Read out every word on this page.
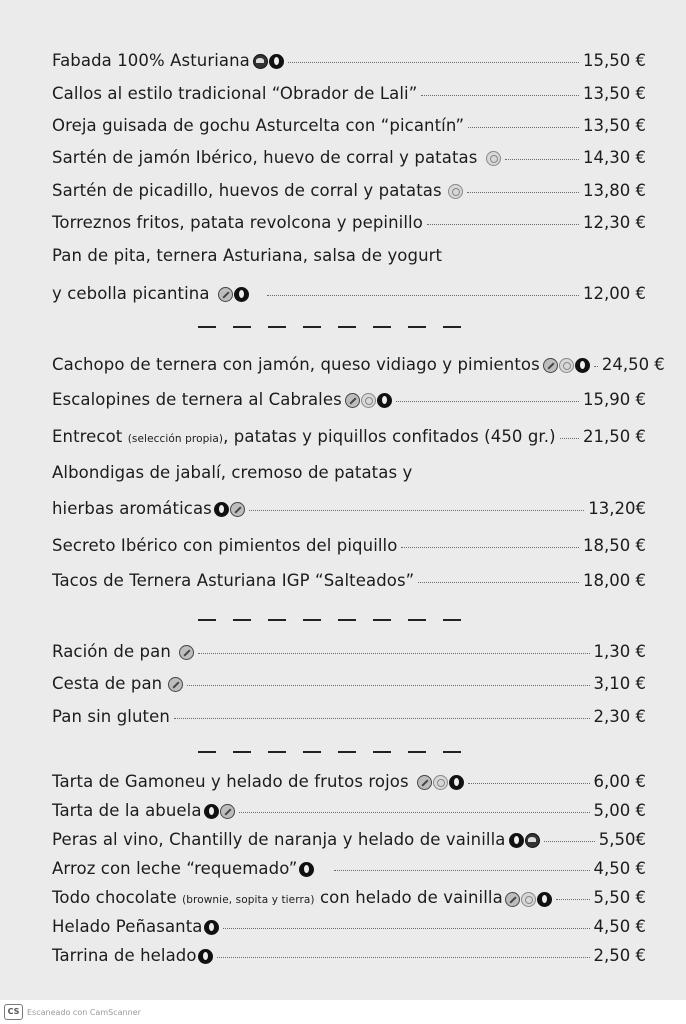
Fabada 100% Asturiana	15,50 €
Callos al estilo tradicional “Obrador de Lali”	13,50 €
Oreja guisada de gochu Asturcelta con “picantín”	13,50 €
Sartén de jamón Ibérico, huevo de corral y patatas	14,30 €
Sartén de picadillo, huevos de corral y patatas	13,80 €
Torreznos fritos, patata revolcona y pepinillo	12,30 €
Pan de pita, ternera Asturiana, salsa de yogurt
y cebolla picantina	12,00 €
Cachopo de ternera con jamón, queso vidiago y pimientos	24,50 €
Escalopines de ternera al Cabrales	15,90 €
Entrecot (selección propia), patatas y piquillos confitados (450 gr.) 21,50 €
Albondigas de jabalí, cremoso de patatas y
hierbas aromáticas	13,20€
Secreto Ibérico con pimientos del piquillo	18,50 €
Tacos de Ternera Asturiana IGP “Salteados”	18,00 €
Ración de pan	1,30 €
Cesta de pan	3,10 €
Pan sin gluten	2,30 €
Tarta de Gamoneu y helado de frutos rojos	6,00 €
Tarta de la abuela	5,00 €
Peras al vino, Chantilly de naranja y helado de vainilla	5,50€
Arroz con leche “requemado”	4,50 €
Todo chocolate (brownie, sopita y tierra) con helado de vainilla	5,50 €
Helado Peñasanta	4,50 €
Tarrina de helado	2,50 €
CS Escaneado con CamScanner
